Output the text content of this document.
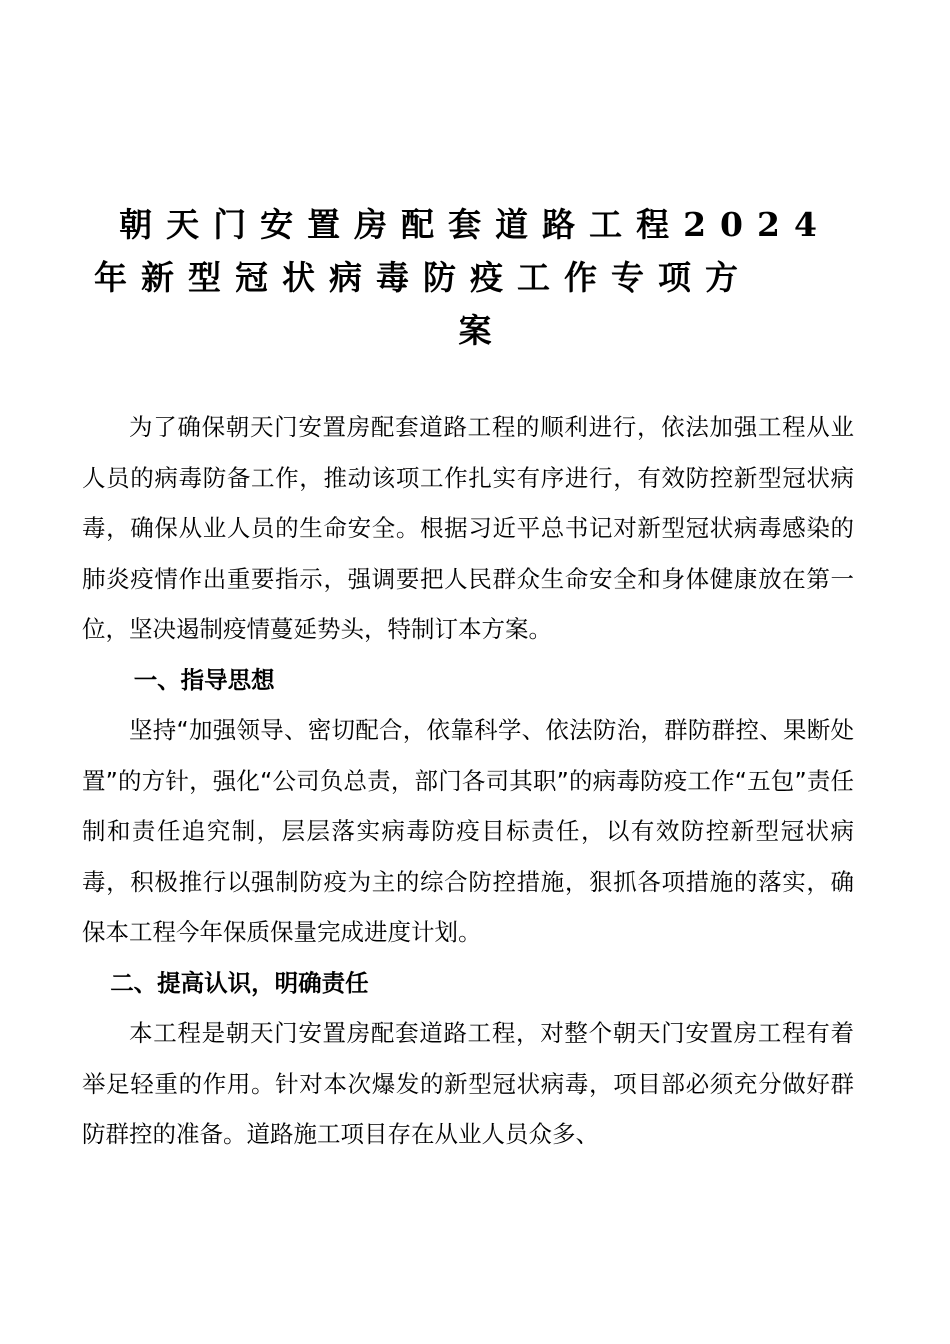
朝天门安置房配套道路工程2024
年新型冠状病毒防疫工作专项方
案

为了确保朝天门安置房配套道路工程的顺利进行，依法加强工程从业人员的病毒防备工作，推动该项工作扎实有序进行，有效防控新型冠状病毒，确保从业人员的生命安全。根据习近平总书记对新型冠状病毒感染的肺炎疫情作出重要指示，强调要把人民群众生命安全和身体健康放在第一位，坚决遏制疫情蔓延势头，特制订本方案。

一、指导思想

坚持“加强领导、密切配合，依靠科学、依法防治，群防群控、果断处置”的方针，强化“公司负总责，部门各司其职”的病毒防疫工作“五包”责任制和责任追究制，层层落实病毒防疫目标责任，以有效防控新型冠状病毒，积极推行以强制防疫为主的综合防控措施，狠抓各项措施的落实，确保本工程今年保质保量完成进度计划。

二、提高认识，明确责任

本工程是朝天门安置房配套道路工程，对整个朝天门安置房工程有着举足轻重的作用。针对本次爆发的新型冠状病毒，项目部必须充分做好群防群控的准备。道路施工项目存在从业人员众多、
